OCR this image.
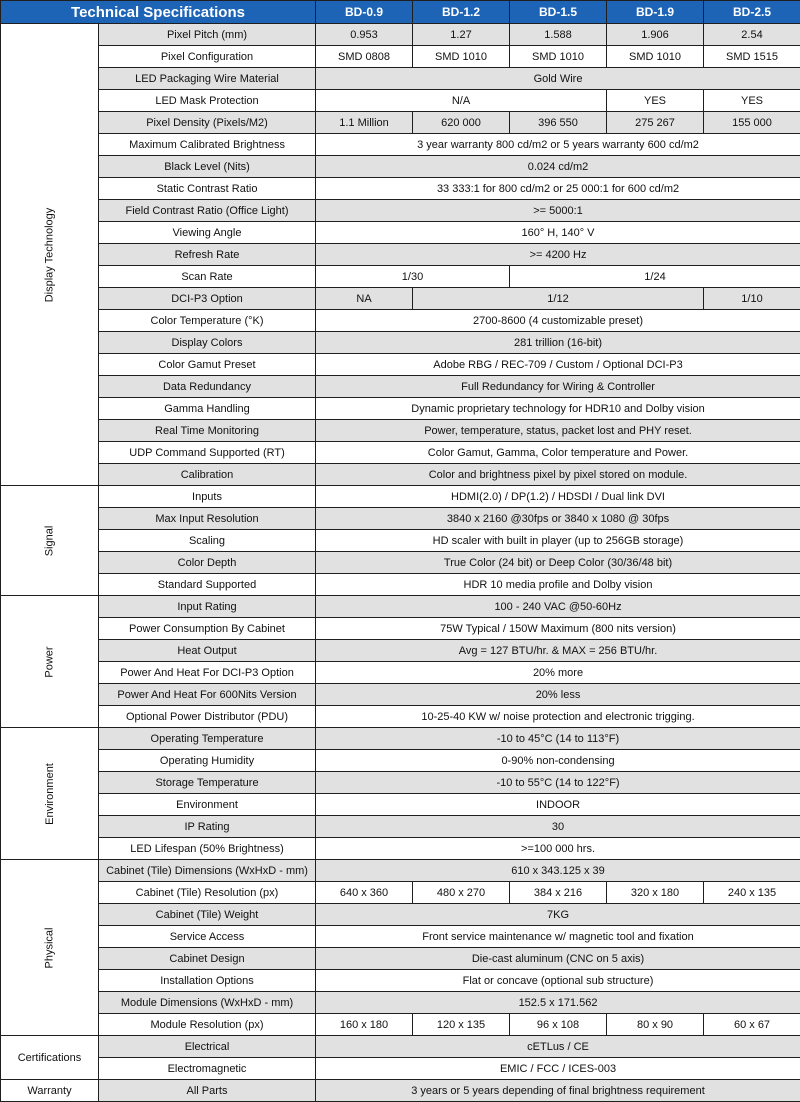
Technical Specifications		BD-0.9	BD-1.2	BD-1.5	BD-1.9	BD-2.5
Display Technology	Pixel Pitch (mm)	0.953	1.27	1.588	1.906	2.54
	Pixel Configuration	SMD 0808	SMD 1010	SMD 1010	SMD 1010	SMD 1515
	LED Packaging Wire Material	Gold Wire				
	LED Mask Protection	N/A			YES	YES
	Pixel Density (Pixels/M2)	1.1 Million	620 000	396 550	275 267	155 000
	Maximum Calibrated Brightness	3 year warranty 800 cd/m2 or 5 years warranty 600 cd/m2				
	Black Level (Nits)	0.024 cd/m2				
	Static Contrast Ratio	33 333:1 for 800 cd/m2 or 25 000:1 for 600 cd/m2				
	Field Contrast Ratio (Office Light)	>= 5000:1				
	Viewing Angle	160° H, 140° V				
	Refresh Rate	>= 4200 Hz				
	Scan Rate	1/30		1/24		
	DCI-P3 Option	NA	1/12			1/10
	Color Temperature (°K)	2700-8600 (4 customizable preset)				
	Display Colors	281 trillion (16-bit)				
	Color Gamut Preset	Adobe RBG / REC-709 / Custom / Optional DCI-P3				
	Data Redundancy	Full Redundancy for Wiring & Controller				
	Gamma Handling	Dynamic proprietary technology for HDR10 and Dolby vision				
	Real Time Monitoring	Power, temperature, status, packet lost and PHY reset.				
	UDP Command Supported (RT)	Color Gamut, Gamma, Color temperature and Power.				
	Calibration	Color and brightness pixel by pixel stored on module.				
Signal	Inputs	HDMI(2.0) / DP(1.2) / HDSDI / Dual link DVI				
	Max Input Resolution	3840 x 2160 @30fps or 3840 x 1080 @ 30fps				
	Scaling	HD scaler with built in player (up to 256GB storage)				
	Color Depth	True Color (24 bit) or Deep Color (30/36/48 bit)				
	Standard Supported	HDR 10 media profile and Dolby vision				
Power	Input Rating	100 - 240 VAC @50-60Hz				
	Power Consumption By Cabinet	75W Typical / 150W Maximum (800 nits version)				
	Heat Output	Avg = 127 BTU/hr. & MAX = 256 BTU/hr.				
	Power And Heat For DCI-P3 Option	20% more				
	Power And Heat For 600Nits Version	20% less				
	Optional Power Distributor (PDU)	10-25-40 KW w/ noise protection and electronic trigging.				
Environment	Operating Temperature	-10 to 45°C (14 to 113°F)				
	Operating Humidity	0-90% non-condensing				
	Storage Temperature	-10 to 55°C (14 to 122°F)				
	Environment	INDOOR				
	IP Rating	30				
	LED Lifespan (50% Brightness)	>=100 000 hrs.				
Physical	Cabinet (Tile) Dimensions (WxHxD - mm)	610 x 343.125 x 39				
	Cabinet (Tile) Resolution (px)	640 x 360	480 x 270	384 x 216	320 x 180	240 x 135
	Cabinet (Tile) Weight	7KG				
	Service Access	Front service maintenance w/ magnetic tool and fixation				
	Cabinet Design	Die-cast aluminum (CNC on 5 axis)				
	Installation Options	Flat or concave (optional sub structure)				
	Module Dimensions (WxHxD - mm)	152.5 x 171.562				
	Module Resolution (px)	160 x 180	120 x 135	96 x 108	80 x 90	60 x 67
Certifications	Electrical	cETLus / CE				
	Electromagnetic	EMIC / FCC / ICES-003				
Warranty	All Parts	3 years or 5 years depending of final brightness requirement				
